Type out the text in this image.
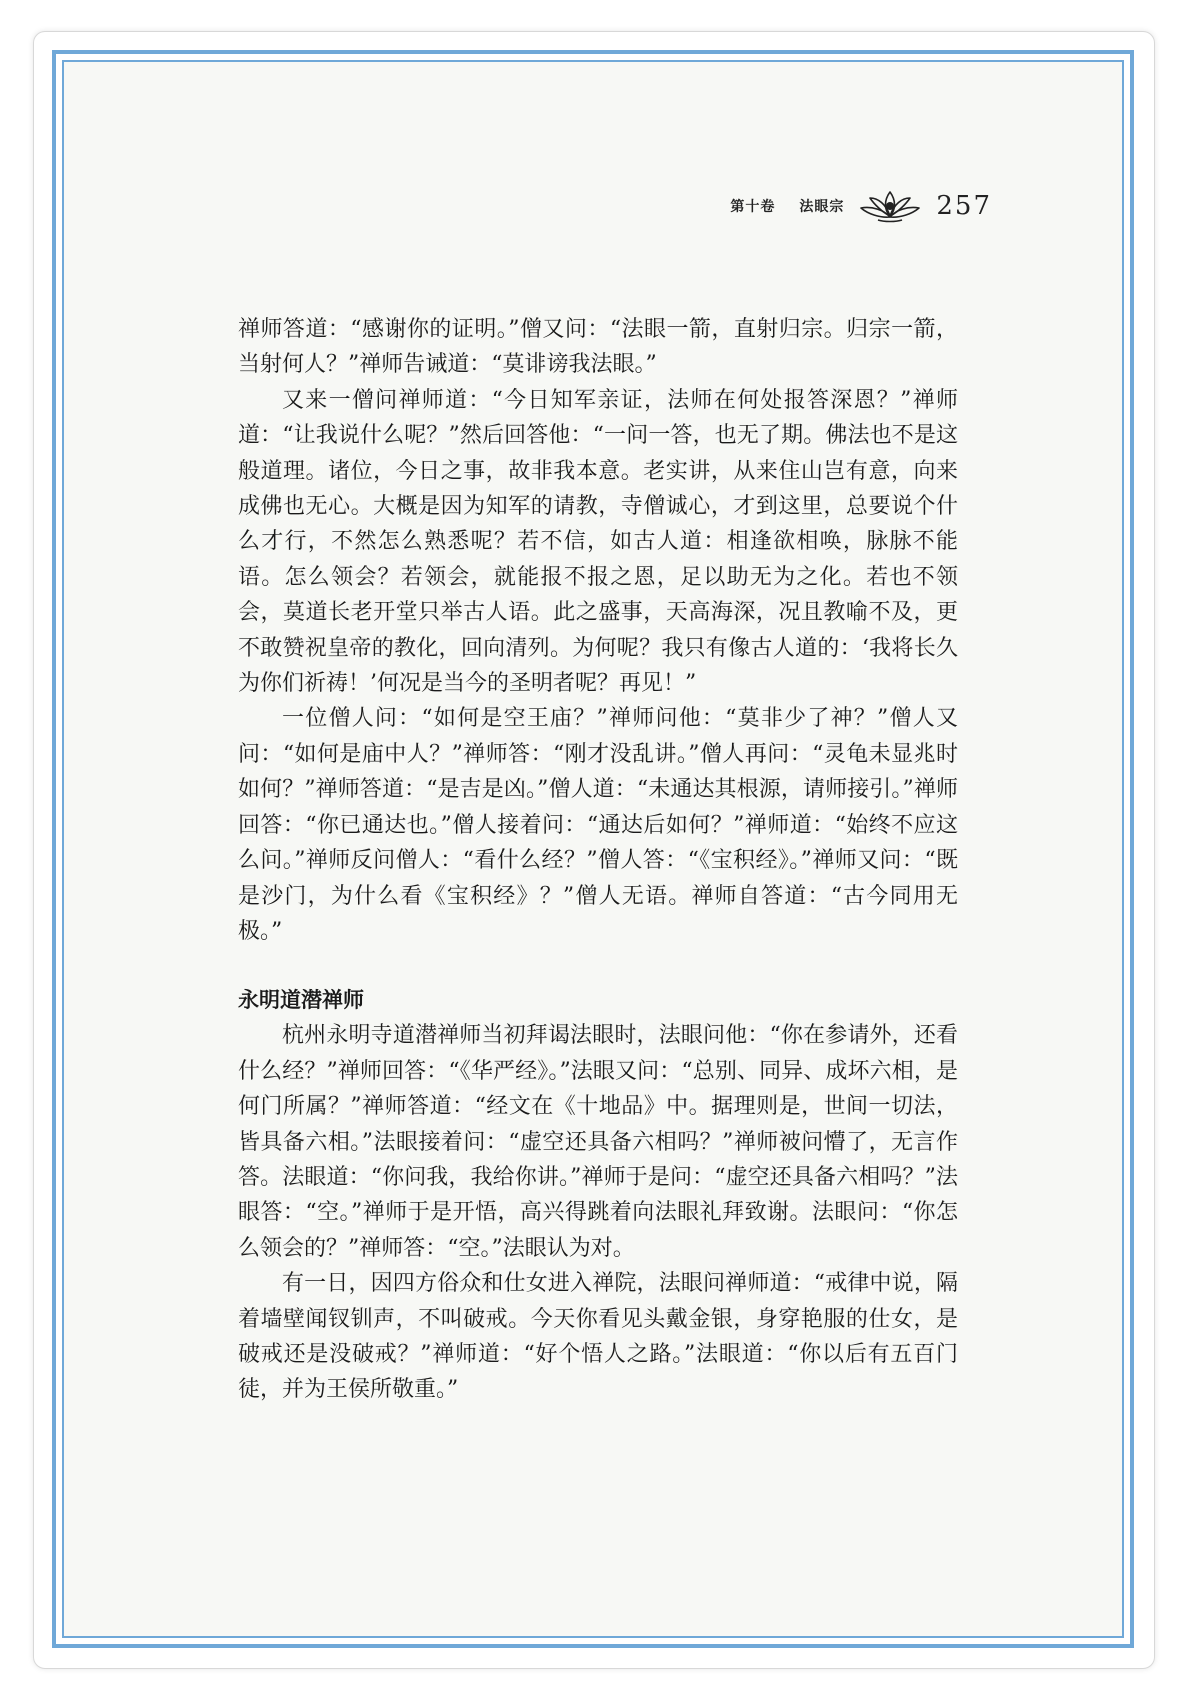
第十卷 法眼宗	257

禅师答道：“感谢你的证明。”僧又问：“法眼一箭，直射归宗。归宗一箭，当射何人？”禅师告诫道：“莫诽谤我法眼。”

又来一僧问禅师道：“今日知军亲证，法师在何处报答深恩？”禅师道：“让我说什么呢？”然后回答他：“一问一答，也无了期。佛法也不是这般道理。诸位，今日之事，故非我本意。老实讲，从来住山岂有意，向来成佛也无心。大概是因为知军的请教，寺僧诚心，才到这里，总要说个什么才行，不然怎么熟悉呢？若不信，如古人道：相逢欲相唤，脉脉不能语。怎么领会？若领会，就能报不报之恩，足以助无为之化。若也不领会，莫道长老开堂只举古人语。此之盛事，天高海深，况且教喻不及，更不敢赞祝皇帝的教化，回向清列。为何呢？我只有像古人道的：‘我将长久为你们祈祷！’何况是当今的圣明者呢？再见！”

一位僧人问：“如何是空王庙？”禅师问他：“莫非少了神？”僧人又问：“如何是庙中人？”禅师答：“刚才没乱讲。”僧人再问：“灵龟未显兆时如何？”禅师答道：“是吉是凶。”僧人道：“未通达其根源，请师接引。”禅师回答：“你已通达也。”僧人接着问：“通达后如何？”禅师道：“始终不应这么问。”禅师反问僧人：“看什么经？”僧人答：“《宝积经》。”禅师又问：“既是沙门，为什么看《宝积经》？”僧人无语。禅师自答道：“古今同用无极。”

永明道潜禅师

杭州永明寺道潜禅师当初拜谒法眼时，法眼问他：“你在参请外，还看什么经？”禅师回答：“《华严经》。”法眼又问：“总别、同异、成坏六相，是何门所属？”禅师答道：“经文在《十地品》中。据理则是，世间一切法，皆具备六相。”法眼接着问：“虚空还具备六相吗？”禅师被问懵了，无言作答。法眼道：“你问我，我给你讲。”禅师于是问：“虚空还具备六相吗？”法眼答：“空。”禅师于是开悟，高兴得跳着向法眼礼拜致谢。法眼问：“你怎么领会的？”禅师答：“空。”法眼认为对。

有一日，因四方俗众和仕女进入禅院，法眼问禅师道：“戒律中说，隔着墙壁闻钗钏声，不叫破戒。今天你看见头戴金银，身穿艳服的仕女，是破戒还是没破戒？”禅师道：“好个悟人之路。”法眼道：“你以后有五百门徒，并为王侯所敬重。”
